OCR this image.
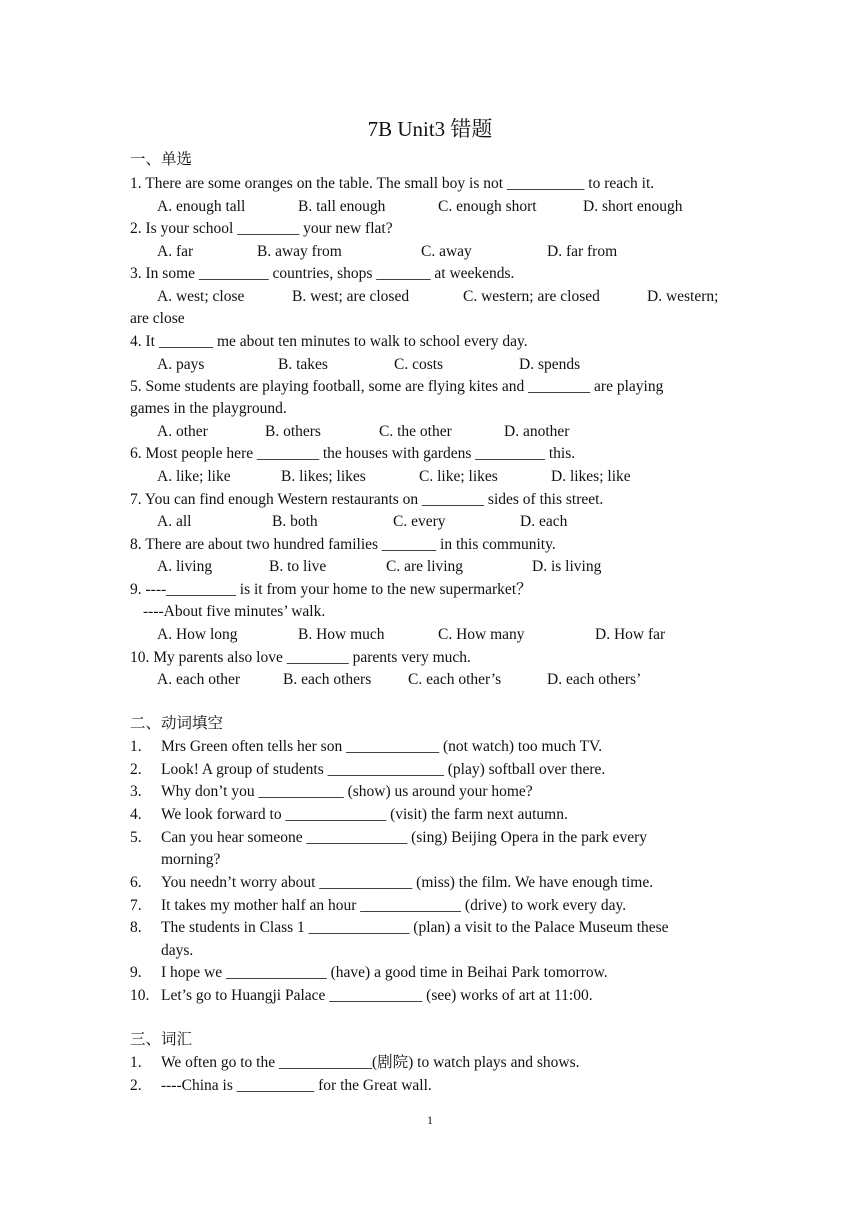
7B Unit3 错题
一、单选
1. There are some oranges on the table. The small boy is not __________ to reach it.
A. enough tall	B. tall enough	C. enough short	D. short enough
2. Is your school ________ your new flat?
A. far	B. away from	C. away	D. far from
3. In some _________ countries, shops _______ at weekends.
A. west; close	B. west; are closed	C. western; are closed	D. western;
are close
4. It _______ me about ten minutes to walk to school every day.
A. pays	B. takes	C. costs	D. spends
5. Some students are playing football, some are flying kites and ________ are playing
games in the playground.
A. other	B. others	C. the other	D. another
6. Most people here ________ the houses with gardens _________ this.
A. like; like	B. likes; likes	C. like; likes	D. likes; like
7. You can find enough Western restaurants on ________ sides of this street.
A. all	B. both	C. every	D. each
8. There are about two hundred families _______ in this community.
A. living	B. to live	C. are living	D. is living
9. ----_________ is it from your home to the new supermarket？
----About five minutes’ walk.
A. How long	B. How much	C. How many	D. How far
10. My parents also love ________ parents very much.
A. each other	B. each others C. each other’s	D. each others’
二、动词填空
1. Mrs Green often tells her son ____________ (not watch) too much TV.
2. Look! A group of students _______________ (play) softball over there.
3. Why don’t you ___________ (show) us around your home?
4. We look forward to _____________ (visit) the farm next autumn.
5. Can you hear someone _____________ (sing) Beijing Opera in the park every
morning?
6. You needn’t worry about ____________ (miss) the film. We have enough time.
7. It takes my mother half an hour _____________ (drive) to work every day.
8. The students in Class 1 _____________ (plan) a visit to the Palace Museum these
days.
9. I hope we _____________ (have) a good time in Beihai Park tomorrow.
10. Let’s go to Huangji Palace ____________ (see) works of art at 11:00.
三、词汇
1. We often go to the ____________(剧院) to watch plays and shows.
2. ----China is __________ for the Great wall.
1
